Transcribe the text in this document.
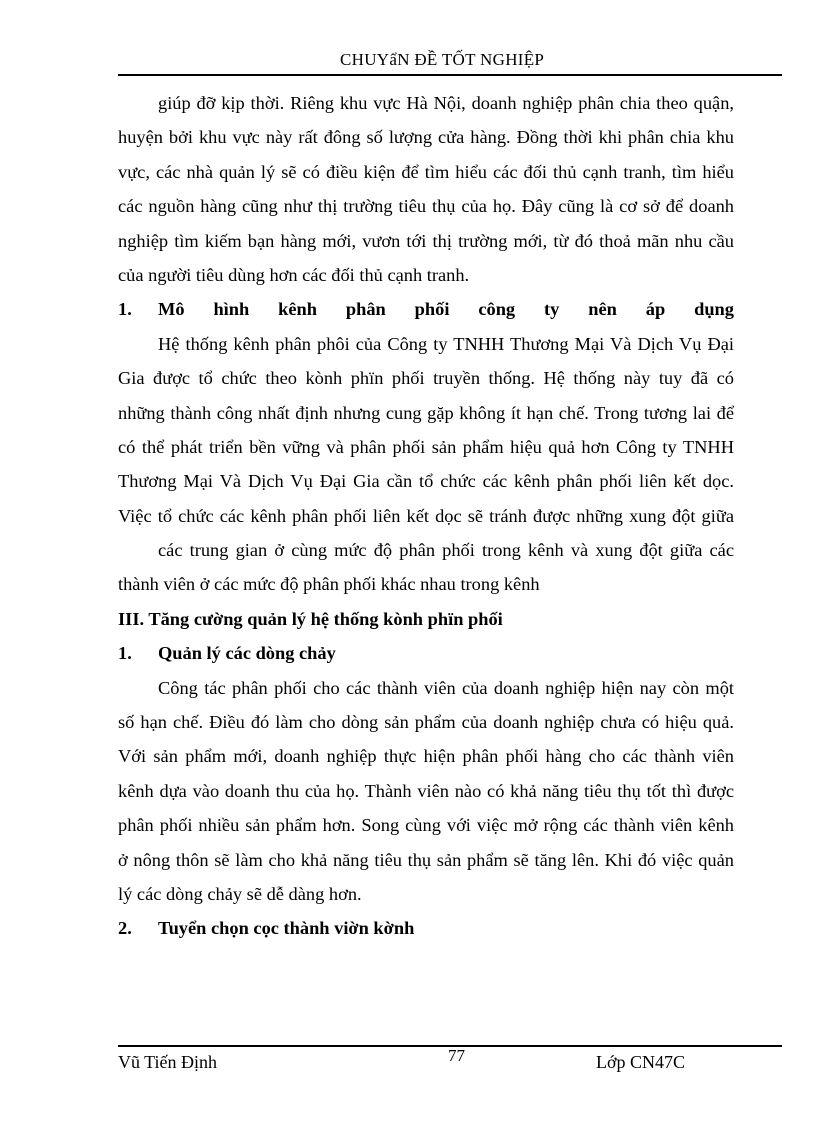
CHUYẩN ĐỀ TỐT NGHIỆP
giúp đỡ kịp thời. Riêng khu vực Hà Nội, doanh nghiệp phân chia theo quận,
huyện bởi khu vực này rất đông số lượng cửa hàng. Đồng thời khi phân chia khu
vực, các nhà quản lý sẽ có điều kiện để tìm hiểu các đối thủ cạnh tranh, tìm hiểu
các nguồn hàng cũng như thị trường tiêu thụ của họ. Đây cũng là cơ sở để doanh
nghiệp tìm kiếm bạn hàng mới, vươn tới thị trường mới, từ đó thoả mãn nhu cầu
của người tiêu dùng hơn các đối thủ cạnh tranh.
1. Mô hình kênh phân phối công ty nên áp dụng
Hệ thống kênh phân phôi của Công ty TNHH Thương Mại Và Dịch Vụ Đại
Gia được tổ chức theo kònh phïn phối truyền thống. Hệ thống này tuy đã có
những thành công nhất định nhưng cung gặp không ít hạn chế. Trong tương lai để
có thể phát triển bền vững và phân phối sản phẩm hiệu quả hơn Công ty TNHH
Thương Mại Và Dịch Vụ Đại Gia cần tổ chức các kênh phân phối liên kết dọc.
Việc tổ chức các kênh phân phối liên kết dọc sẽ tránh được những xung đột giữa
các trung gian ở cùng mức độ phân phối trong kênh và xung đột giữa các
thành viên ở các mức độ phân phối khác nhau trong kênh
III. Tăng cường quản lý hệ thống kònh phïn phối
1. Quản lý các dòng chảy
Công tác phân phối cho các thành viên của doanh nghiệp hiện nay còn một
số hạn chế. Điều đó làm cho dòng sản phẩm của doanh nghiệp chưa có hiệu quả.
Với sản phẩm mới, doanh nghiệp thực hiện phân phối hàng cho các thành viên
kênh dựa vào doanh thu của họ. Thành viên nào có khả năng tiêu thụ tốt thì được
phân phối nhiều sản phẩm hơn. Song cùng với việc mở rộng các thành viên kênh
ở nông thôn sẽ làm cho khả năng tiêu thụ sản phẩm sẽ tăng lên. Khi đó việc quản
lý các dòng chảy sẽ dễ dàng hơn.
2. Tuyển chọn cọc thành viờn kờnh
Vũ Tiến Định	77	Lớp CN47C
